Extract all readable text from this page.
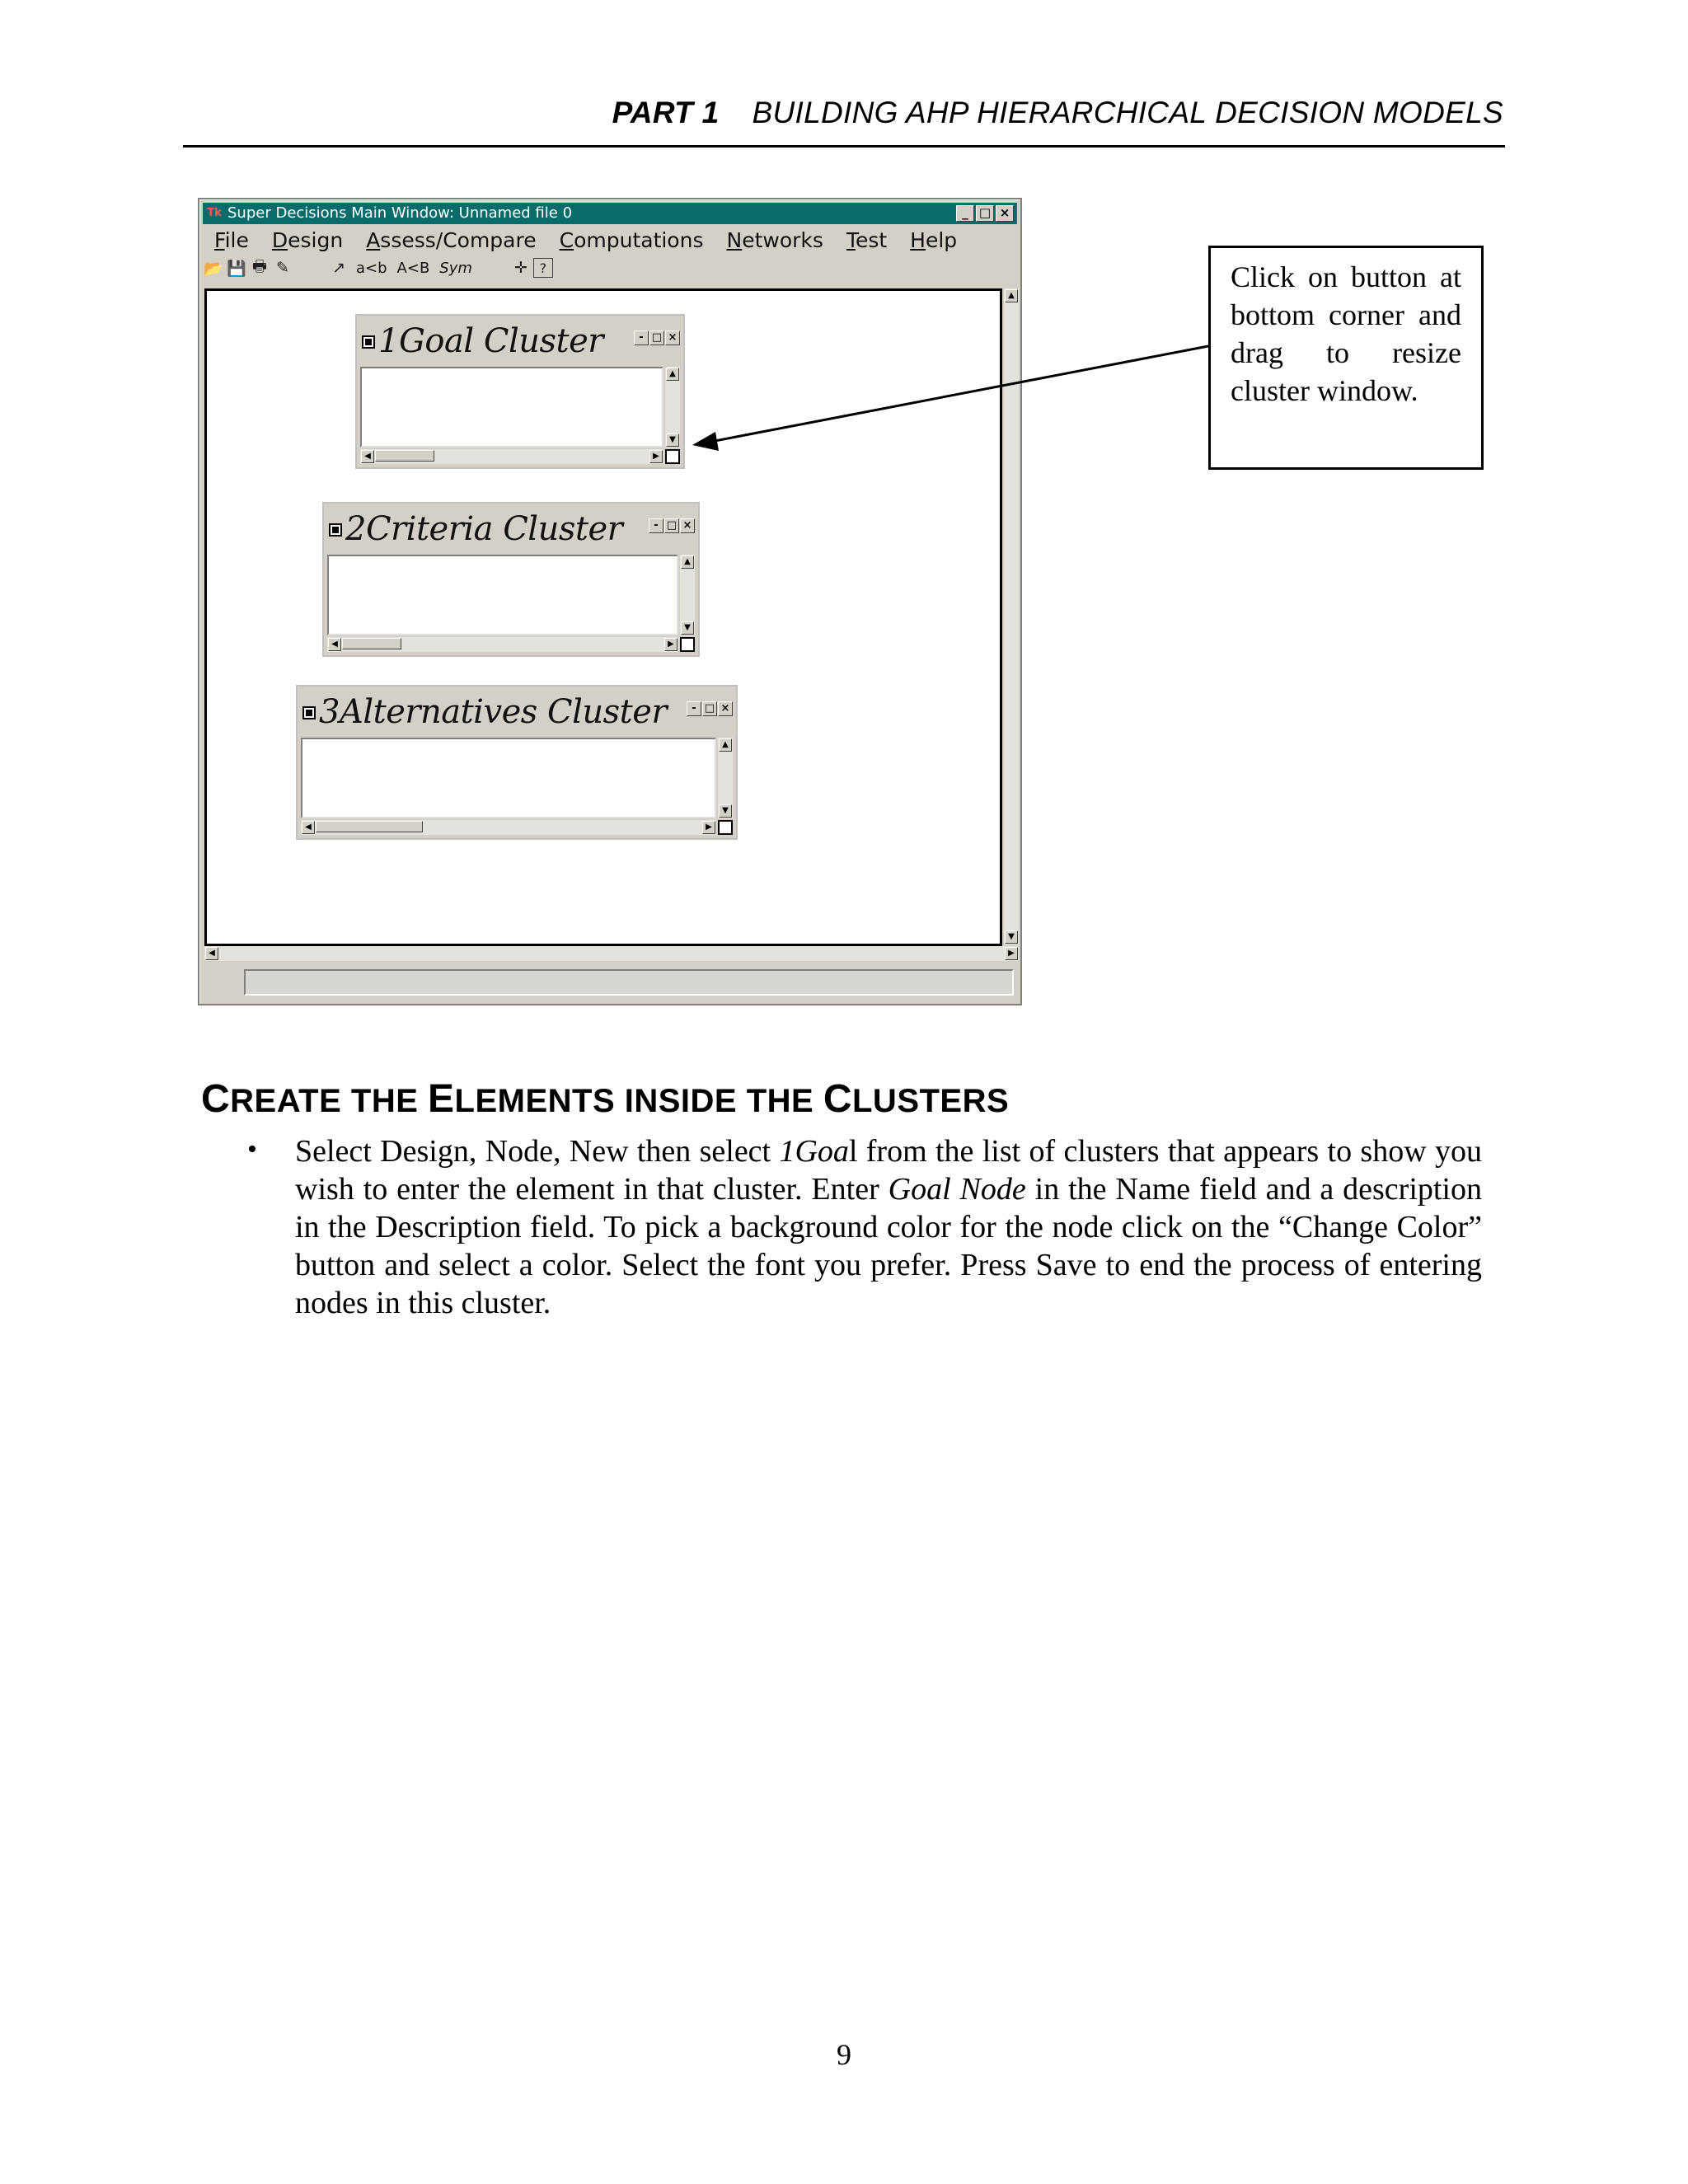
PART 1 BUILDING AHP HIERARCHICAL DECISION MODELS
Tk Super Decisions Main Window: Unnamed file 0	_ □ ×
File	Design	Assess/Compare	Computations	Networks	Test	Help
📂 💾 🖶 ✎	↗ a<b A<B Sym	✛ ?
1Goal Cluster	- □ ×
▲
▼
◀	▶
2Criteria Cluster	- □ ×
▲
▼
◀	▶
3Alternatives Cluster	- □ ×
▲
▼
◀	▶
▲
▼
◀	▶
Click on button at bottom corner and drag to resize cluster window.
CREATE THE ELEMENTS INSIDE THE CLUSTERS
• Select Design, Node, New then select 1Goal from the list of clusters that appears to show you wish to enter the element in that cluster. Enter Goal Node in the Name field and a description in the Description field. To pick a background color for the node click on the “Change Color” button and select a color. Select the font you prefer. Press Save to end the process of entering nodes in this cluster.
9
